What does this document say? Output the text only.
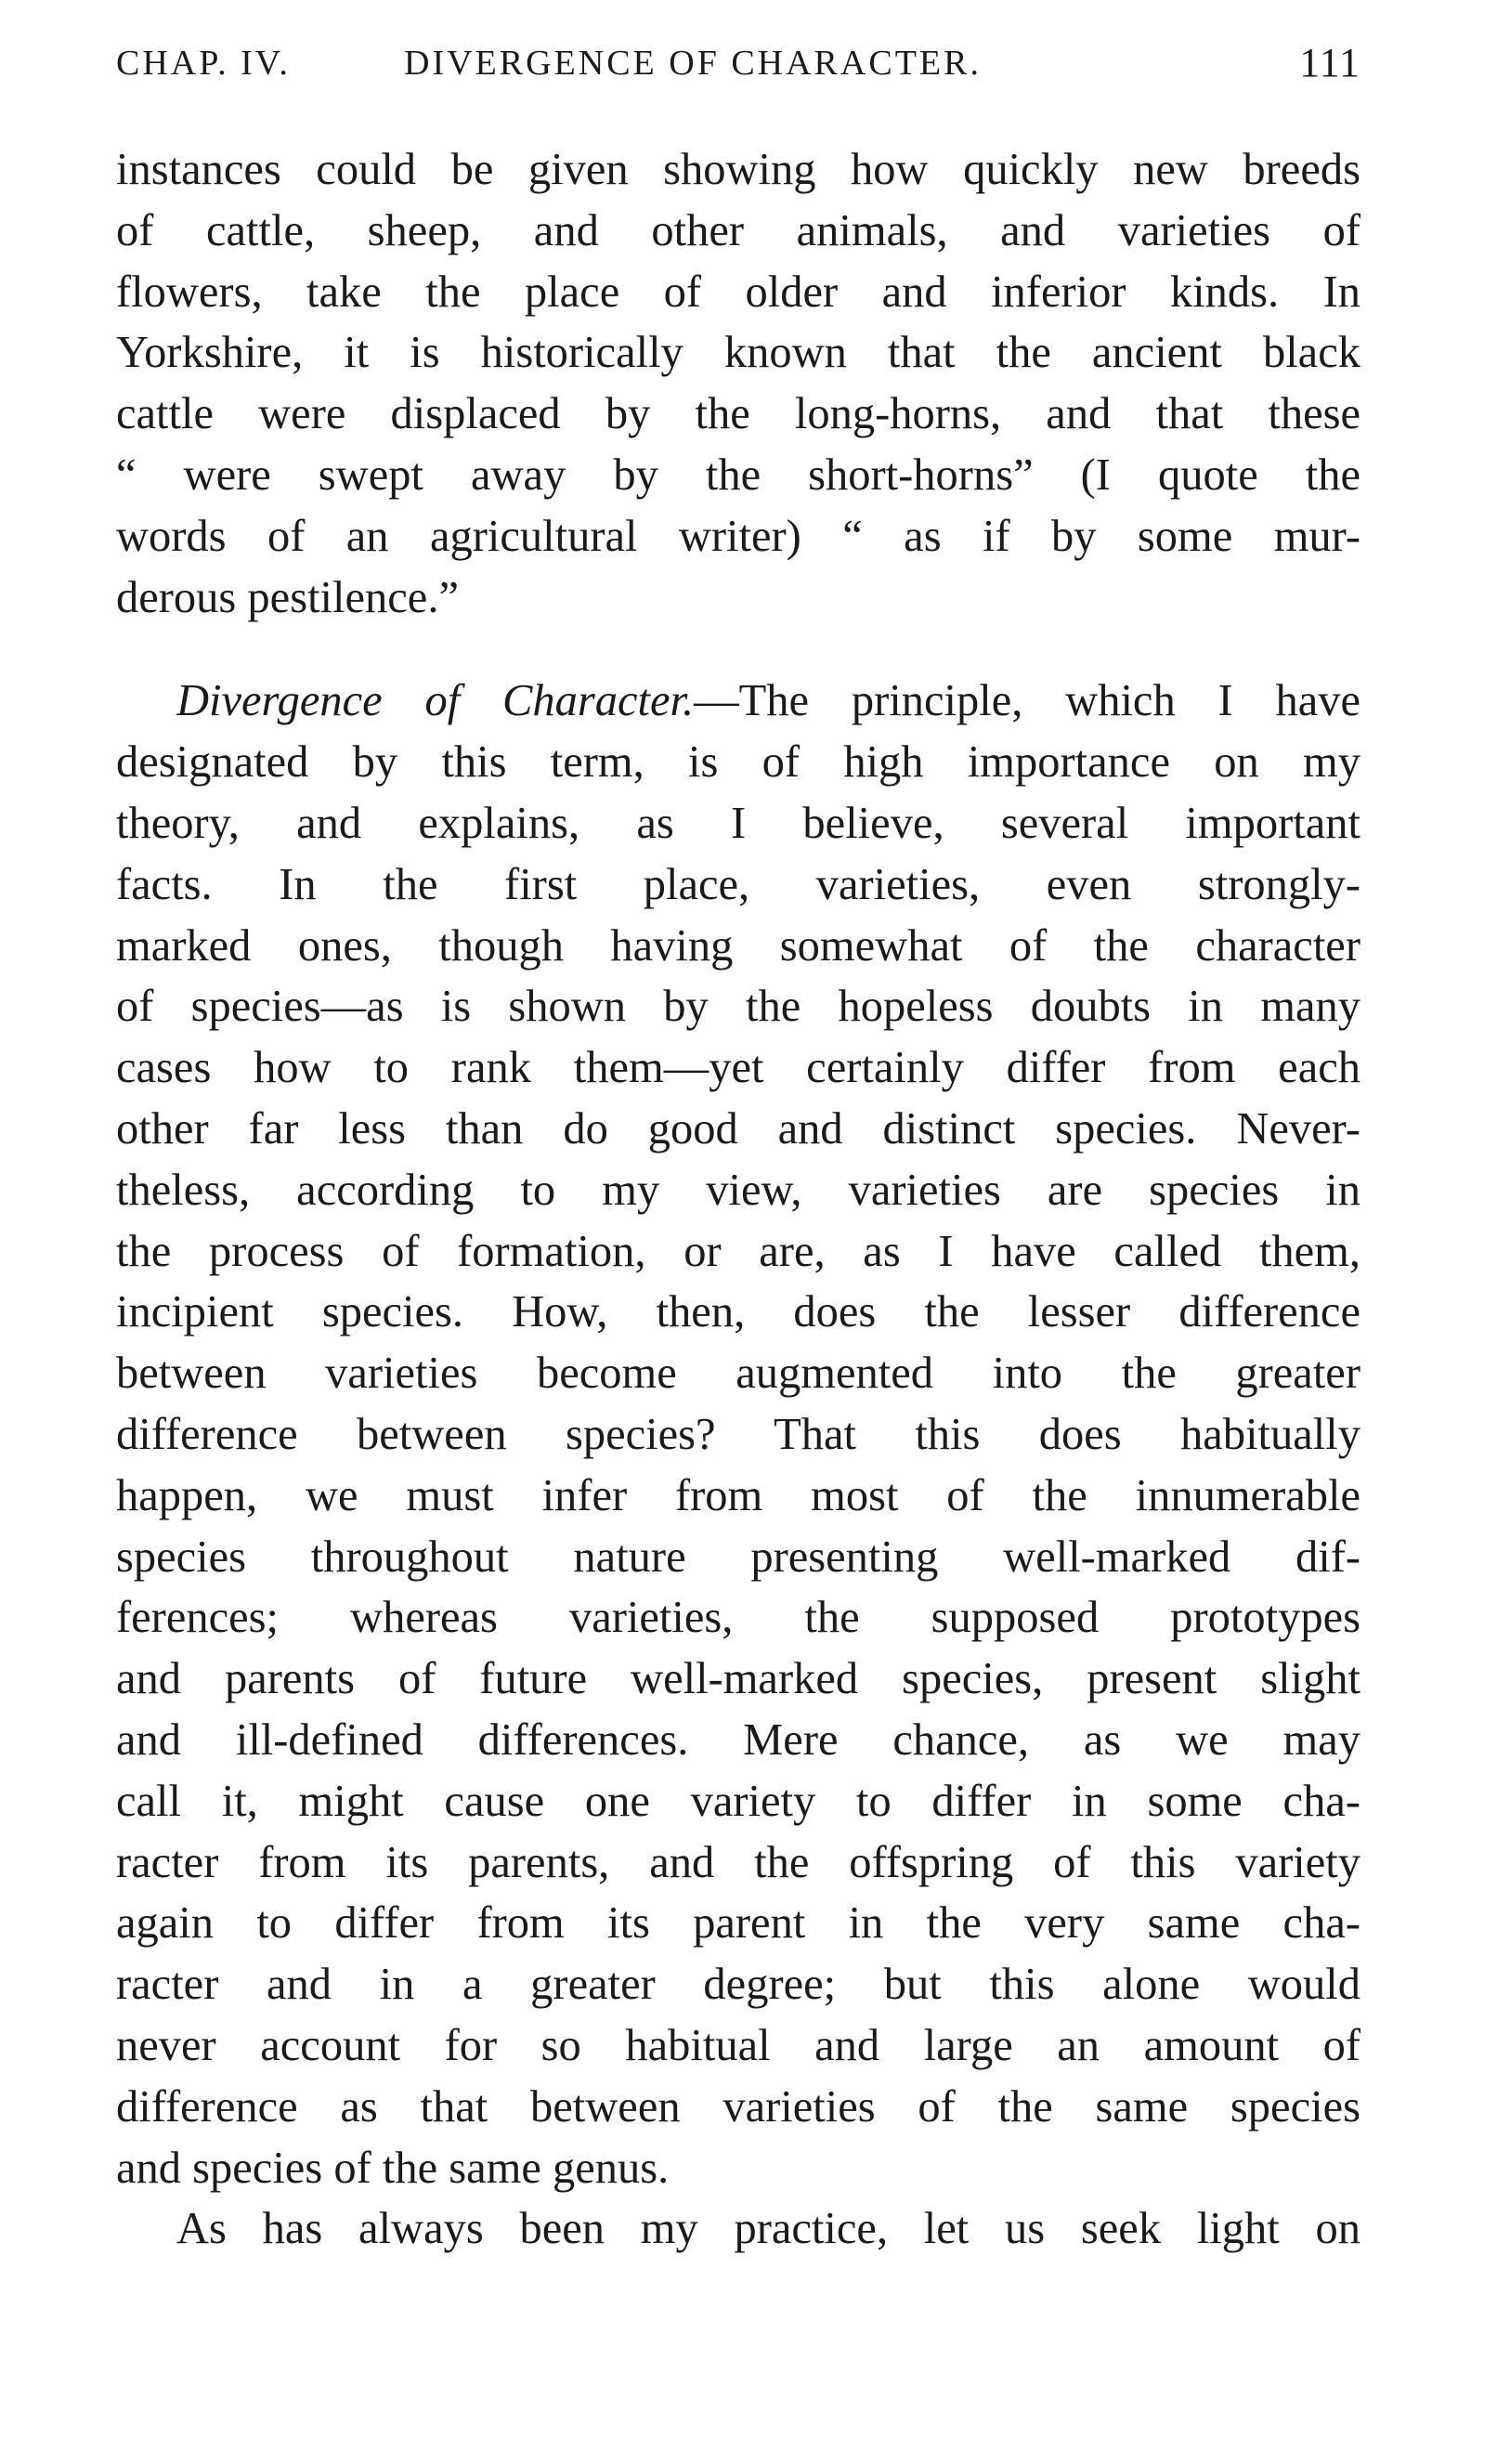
CHAP. IV.	DIVERGENCE OF CHARACTER.	111
instances could be given showing how quickly new breeds
of cattle, sheep, and other animals, and varieties of
flowers, take the place of older and inferior kinds. In
Yorkshire, it is historically known that the ancient black
cattle were displaced by the long-horns, and that these
“ were swept away by the short-horns” (I quote the
words of an agricultural writer) “ as if by some mur-
derous pestilence.”
Divergence of Character.—The principle, which I have
designated by this term, is of high importance on my
theory, and explains, as I believe, several important
facts. In the first place, varieties, even strongly-
marked ones, though having somewhat of the character
of species—as is shown by the hopeless doubts in many
cases how to rank them—yet certainly differ from each
other far less than do good and distinct species. Never-
theless, according to my view, varieties are species in
the process of formation, or are, as I have called them,
incipient species. How, then, does the lesser difference
between varieties become augmented into the greater
difference between species? That this does habitually
happen, we must infer from most of the innumerable
species throughout nature presenting well-marked dif-
ferences; whereas varieties, the supposed prototypes
and parents of future well-marked species, present slight
and ill-defined differences. Mere chance, as we may
call it, might cause one variety to differ in some cha-
racter from its parents, and the offspring of this variety
again to differ from its parent in the very same cha-
racter and in a greater degree; but this alone would
never account for so habitual and large an amount of
difference as that between varieties of the same species
and species of the same genus.
As has always been my practice, let us seek light on
